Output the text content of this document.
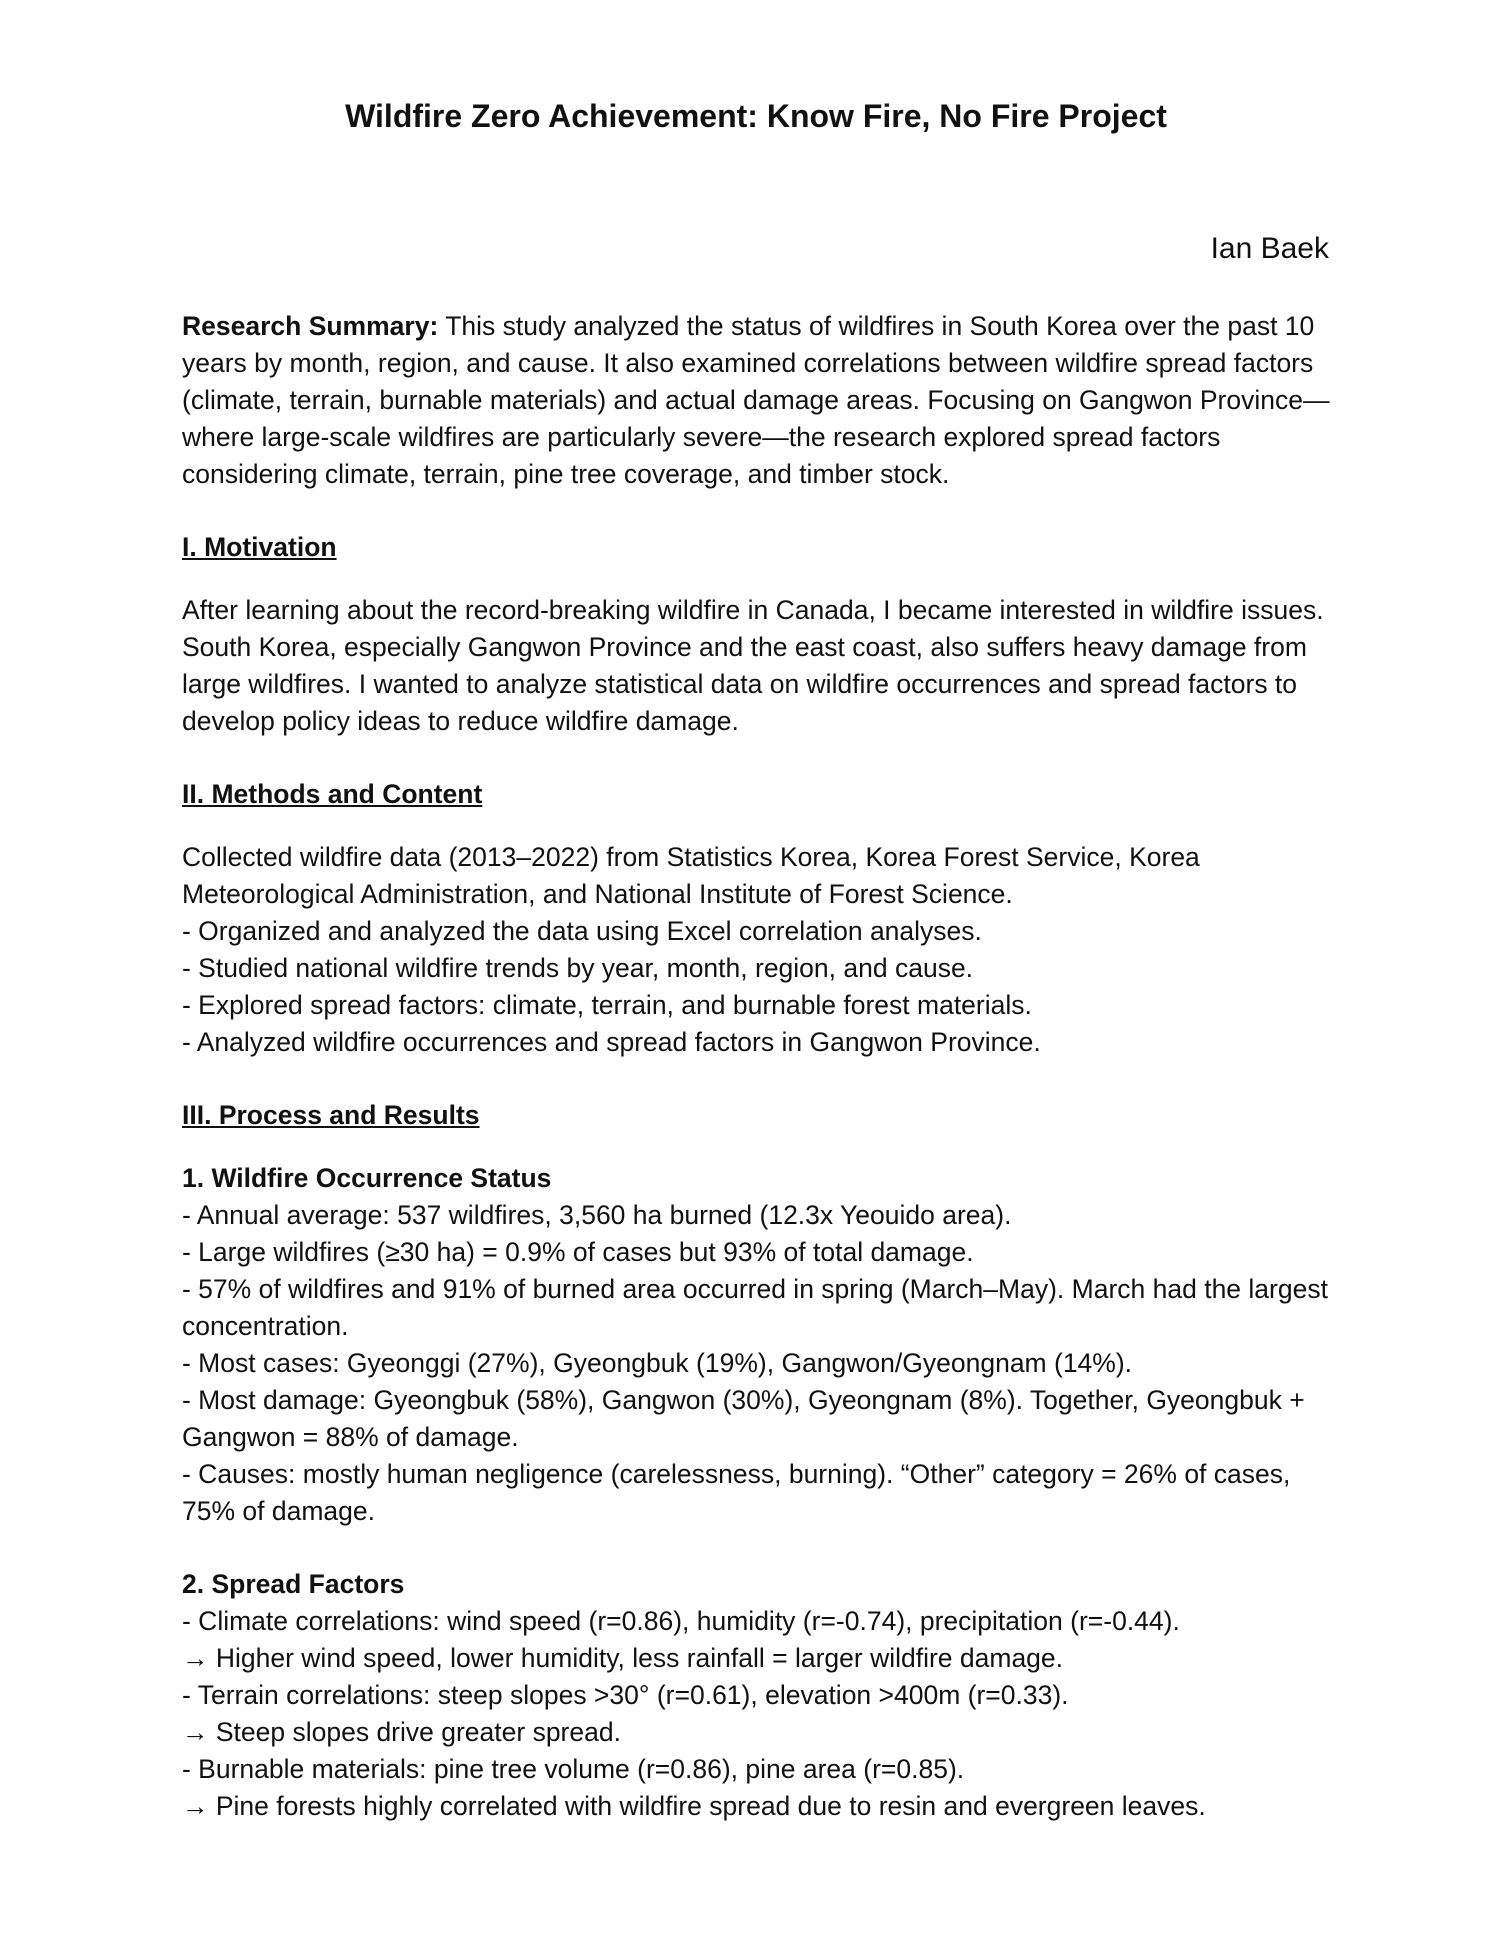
Wildfire Zero Achievement: Know Fire, No Fire Project
Ian Baek

Research Summary: This study analyzed the status of wildfires in South Korea over the past 10 years by month, region, and cause. It also examined correlations between wildfire spread factors (climate, terrain, burnable materials) and actual damage areas. Focusing on Gangwon Province—where large-scale wildfires are particularly severe—the research explored spread factors considering climate, terrain, pine tree coverage, and timber stock.

I. Motivation

After learning about the record-breaking wildfire in Canada, I became interested in wildfire issues. South Korea, especially Gangwon Province and the east coast, also suffers heavy damage from large wildfires. I wanted to analyze statistical data on wildfire occurrences and spread factors to develop policy ideas to reduce wildfire damage.

II. Methods and Content

Collected wildfire data (2013–2022) from Statistics Korea, Korea Forest Service, Korea Meteorological Administration, and National Institute of Forest Science.

- Organized and analyzed the data using Excel correlation analyses.

- Studied national wildfire trends by year, month, region, and cause.

- Explored spread factors: climate, terrain, and burnable forest materials.

- Analyzed wildfire occurrences and spread factors in Gangwon Province.

III. Process and Results

1. Wildfire Occurrence Status

- Annual average: 537 wildfires, 3,560 ha burned (12.3x Yeouido area).

- Large wildfires (≥30 ha) = 0.9% of cases but 93% of total damage.

- 57% of wildfires and 91% of burned area occurred in spring (March–May). March had the largest concentration.

- Most cases: Gyeonggi (27%), Gyeongbuk (19%), Gangwon/Gyeongnam (14%).

- Most damage: Gyeongbuk (58%), Gangwon (30%), Gyeongnam (8%). Together, Gyeongbuk + Gangwon = 88% of damage.

- Causes: mostly human negligence (carelessness, burning). “Other” category = 26% of cases, 75% of damage.

2. Spread Factors

- Climate correlations: wind speed (r=0.86), humidity (r=-0.74), precipitation (r=-0.44).

→ Higher wind speed, lower humidity, less rainfall = larger wildfire damage.

- Terrain correlations: steep slopes >30° (r=0.61), elevation >400m (r=0.33).

→ Steep slopes drive greater spread.

- Burnable materials: pine tree volume (r=0.86), pine area (r=0.85).

→ Pine forests highly correlated with wildfire spread due to resin and evergreen leaves.
